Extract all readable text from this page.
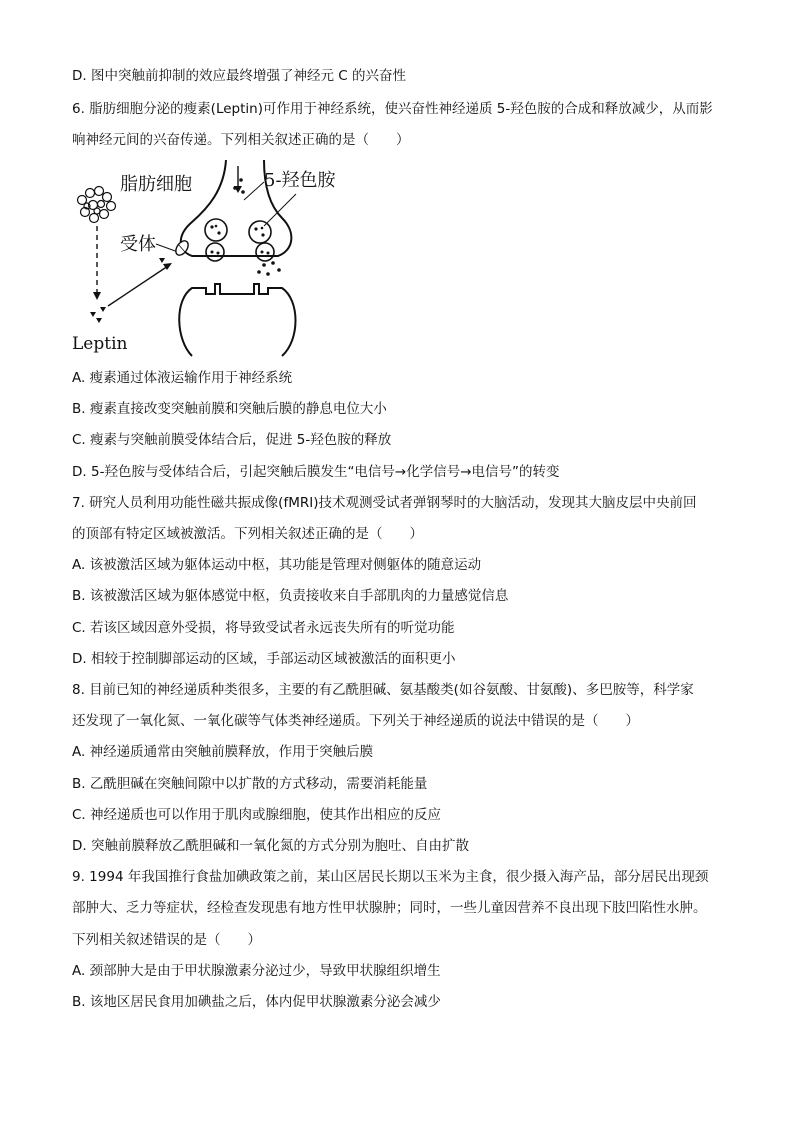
D. 图中突触前抑制的效应最终增强了神经元 C 的兴奋性
6. 脂肪细胞分泌的瘦素(Leptin)可作用于神经系统，使兴奋性神经递质 5-羟色胺的合成和释放减少，从而影
响神经元间的兴奋传递。下列相关叙述正确的是（　　）
脂肪细胞
Leptin
受体
5-羟色胺
A. 瘦素通过体液运输作用于神经系统
B. 瘦素直接改变突触前膜和突触后膜的静息电位大小
C. 瘦素与突触前膜受体结合后，促进 5-羟色胺的释放
D. 5-羟色胺与受体结合后，引起突触后膜发生“电信号→化学信号→电信号”的转变
7. 研究人员利用功能性磁共振成像(fMRI)技术观测受试者弹钢琴时的大脑活动，发现其大脑皮层中央前回
的顶部有特定区域被激活。下列相关叙述正确的是（　　）
A. 该被激活区域为躯体运动中枢，其功能是管理对侧躯体的随意运动
B. 该被激活区域为躯体感觉中枢，负责接收来自手部肌肉的力量感觉信息
C. 若该区域因意外受损，将导致受试者永远丧失所有的听觉功能
D. 相较于控制脚部运动的区域，手部运动区域被激活的面积更小
8. 目前已知的神经递质种类很多，主要的有乙酰胆碱、氨基酸类(如谷氨酸、甘氨酸)、多巴胺等，科学家
还发现了一氧化氮、一氧化碳等气体类神经递质。下列关于神经递质的说法中错误的是（　　）
A. 神经递质通常由突触前膜释放，作用于突触后膜
B. 乙酰胆碱在突触间隙中以扩散的方式移动，需要消耗能量
C. 神经递质也可以作用于肌肉或腺细胞，使其作出相应的反应
D. 突触前膜释放乙酰胆碱和一氧化氮的方式分别为胞吐、自由扩散
9. 1994 年我国推行食盐加碘政策之前，某山区居民长期以玉米为主食，很少摄入海产品，部分居民出现颈
部肿大、乏力等症状，经检查发现患有地方性甲状腺肿；同时，一些儿童因营养不良出现下肢凹陷性水肿。
下列相关叙述错误的是（　　）
A. 颈部肿大是由于甲状腺激素分泌过少，导致甲状腺组织增生
B. 该地区居民食用加碘盐之后，体内促甲状腺激素分泌会减少
